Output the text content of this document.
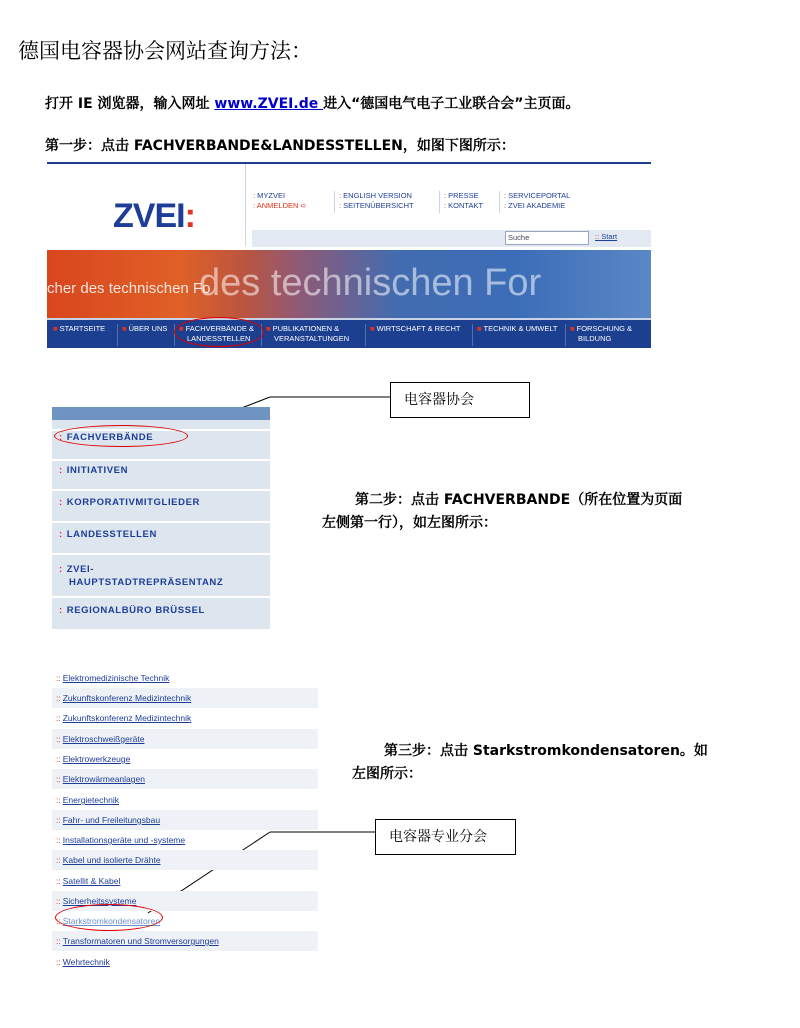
德国电容器协会网站查询方法：
打开 IE 浏览器，输入网址 www.ZVEI.de 进入“德国电气电子工业联合会”主页面。
第一步：点击 FACHVERBANDE&LANDESSTELLEN，如图下图所示：
ZVEI:
: MYZVEI
: ANMELDEN ➪
: ENGLISH VERSION
: SEITENÜBERSICHT
: PRESSE
: KONTAKT
: SERVICEPORTAL
: ZVEI AKADEMIE
Suche	:: Start
cher des technischen Fo
des technischen For
■ STARTSEITE ■ ÜBER UNS ■ FACHVERBÄNDE &
LANDESSTELLEN
■ PUBLIKATIONEN &
VERANSTALTUNGEN
■ WIRTSCHAFT & RECHT ■ TECHNIK & UMWELT ■ FORSCHUNG &
BILDUNG
电容器协会
: FACHVERBÄNDE
: INITIATIVEN
: KORPORATIVMITGLIEDER
: LANDESSTELLEN
: ZVEI-
HAUPTSTADTREPRÄSENTANZ
: REGIONALBÜRO BRÜSSEL
第二步：点击 FACHVERBANDE（所在位置为页面
左侧第一行），如左图所示：
:: Elektromedizinische Technik
:: Zukunftskonferenz Medizintechnik
:: Zukunftskonferenz Medizintechnik
:: Elektroschweißgeräte
:: Elektrowerkzeuge
:: Elektrowärmeanlagen
:: Energietechnik
:: Fahr- und Freileitungsbau
:: Installationsgeräte und -systeme
:: Kabel und isolierte Drähte
:: Satellit & Kabel
:: Sicherheitssysteme
:: Starkstromkondensatoren
:: Transformatoren und Stromversorgungen
:: Wehrtechnik
第三步：点击 Starkstromkondensatoren。如
左图所示：
电容器专业分会
